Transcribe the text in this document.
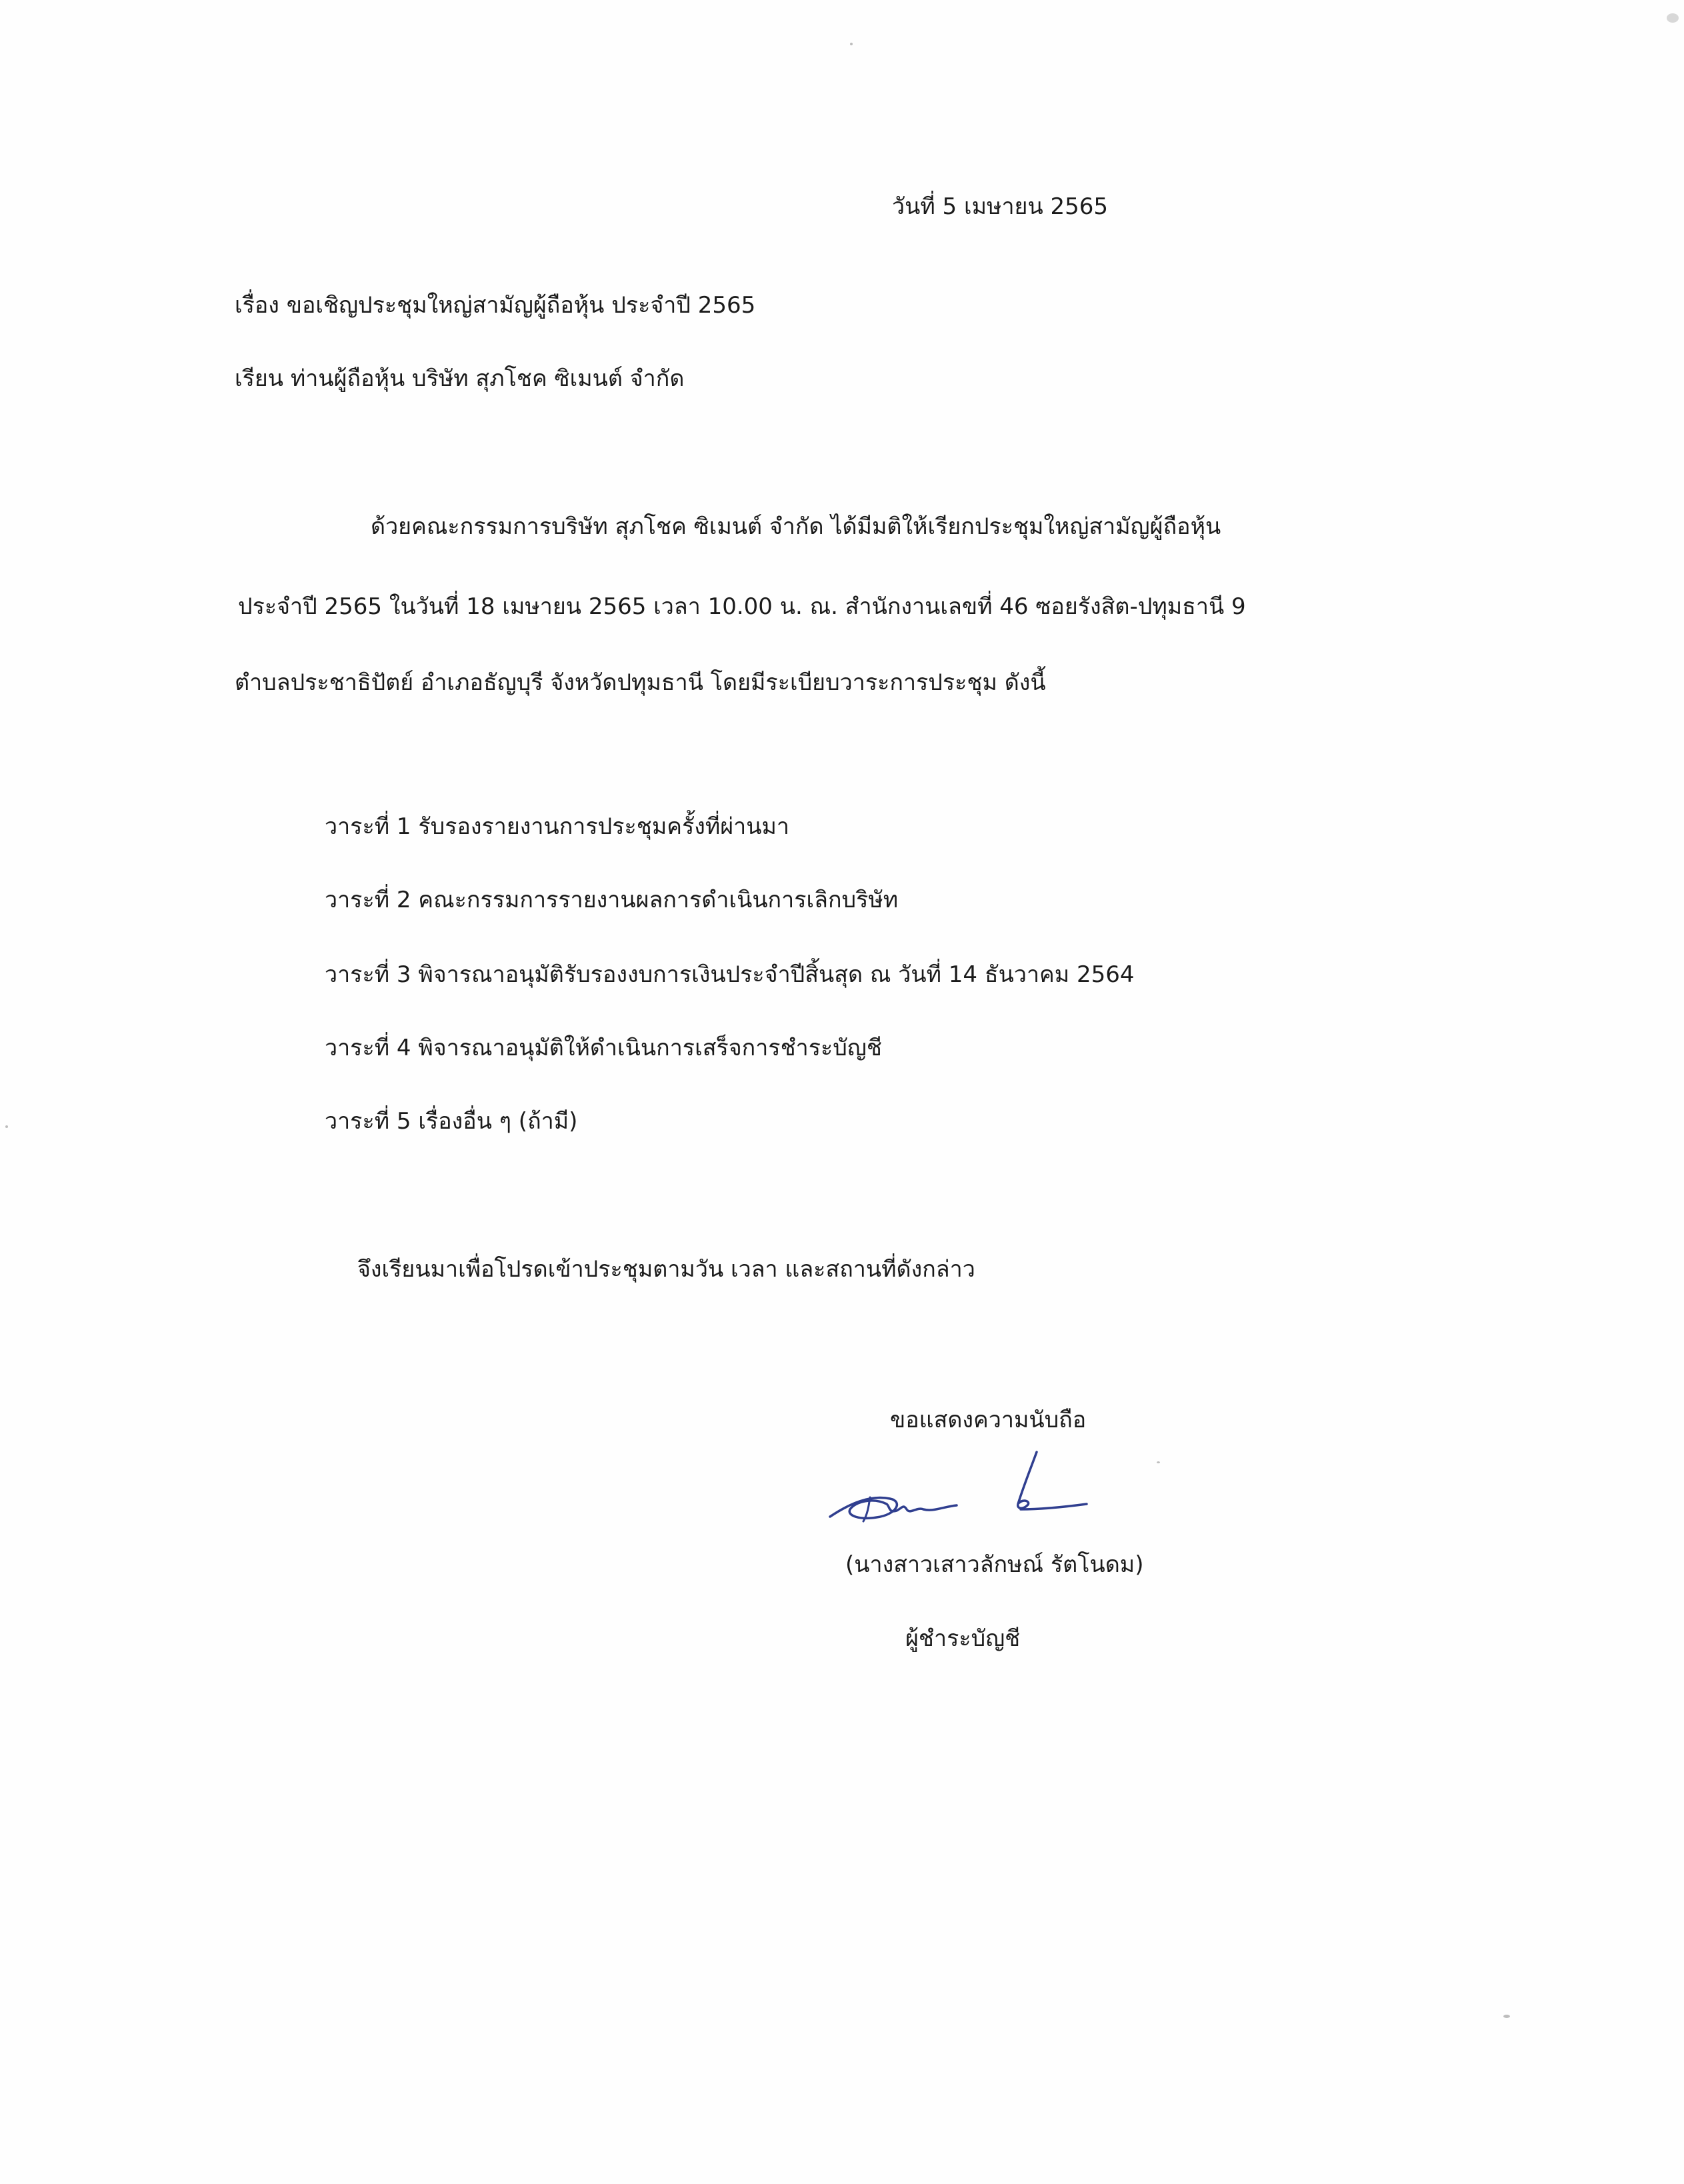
วันที่ 5 เมษายน 2565
เรื่อง ขอเชิญประชุมใหญ่สามัญผู้ถือหุ้น ประจำปี 2565
เรียน ท่านผู้ถือหุ้น บริษัท สุภโชค ซิเมนต์ จำกัด
ด้วยคณะกรรมการบริษัท สุภโชค ซิเมนต์ จำกัด ได้มีมติให้เรียกประชุมใหญ่สามัญผู้ถือหุ้น
ประจำปี 2565 ในวันที่ 18 เมษายน 2565 เวลา 10.00 น. ณ. สำนักงานเลขที่ 46 ซอยรังสิต-ปทุมธานี 9
ตำบลประชาธิปัตย์ อำเภอธัญบุรี จังหวัดปทุมธานี โดยมีระเบียบวาระการประชุม ดังนี้
วาระที่ 1 รับรองรายงานการประชุมครั้งที่ผ่านมา
วาระที่ 2 คณะกรรมการรายงานผลการดำเนินการเลิกบริษัท
วาระที่ 3 พิจารณาอนุมัติรับรองงบการเงินประจำปีสิ้นสุด ณ วันที่ 14 ธันวาคม 2564
วาระที่ 4 พิจารณาอนุมัติให้ดำเนินการเสร็จการชำระบัญชี
วาระที่ 5 เรื่องอื่น ๆ (ถ้ามี)
จึงเรียนมาเพื่อโปรดเข้าประชุมตามวัน เวลา และสถานที่ดังกล่าว
ขอแสดงความนับถือ
(นางสาวเสาวลักษณ์ รัตโนดม)
ผู้ชำระบัญชี
